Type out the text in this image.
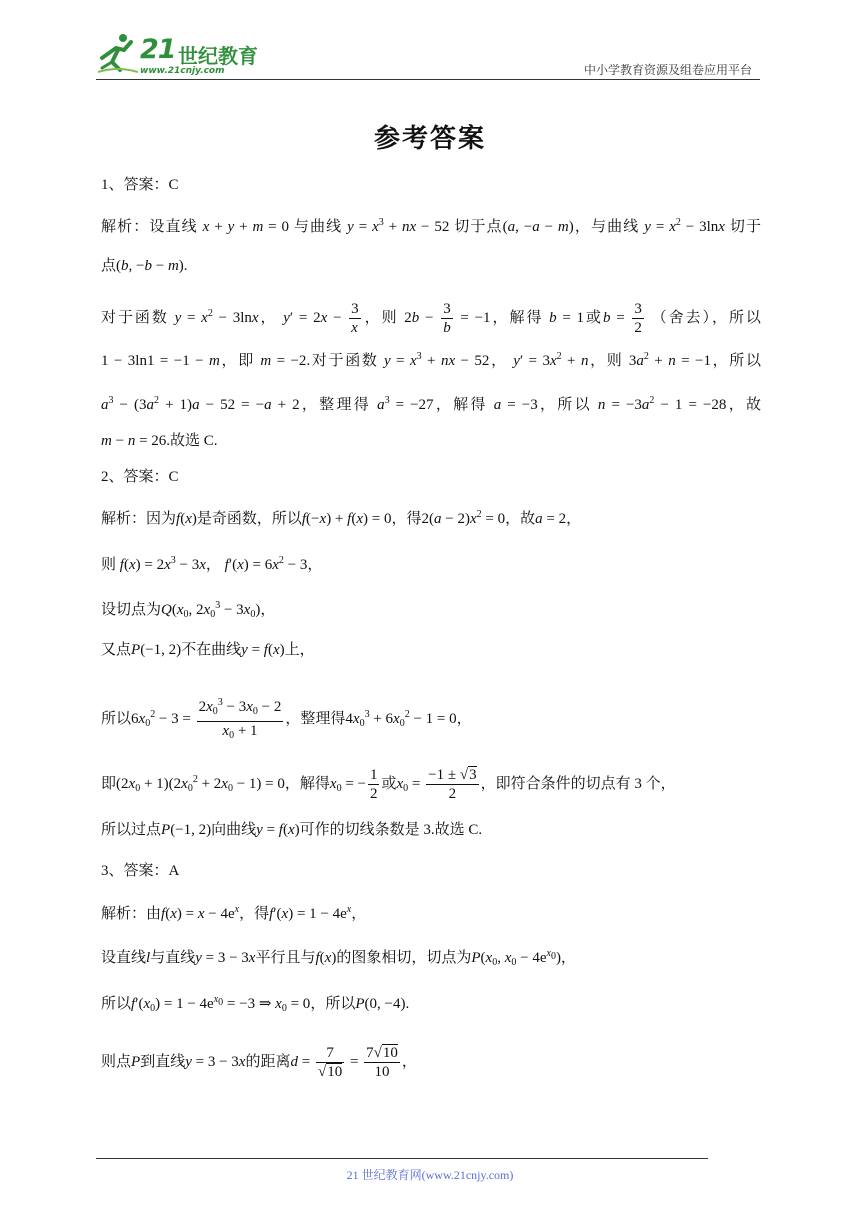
21 世纪教育
www.21cnjy.com	中小学教育资源及组卷应用平台
参考答案
1、答案：C
解析：设直线 x + y + m = 0 与曲线 $y = x^3$ + nx − 52 切于点(a, −a − m)，与曲线 $y = x^2 - 3\ln x$ 切于
点(b, −b − m).
对于函数 $y = x^2 - 3\ln x$， $y' = 2x - \frac{3}{x}$ ，则 $2b - \frac{3}{b} = -1$，解得 b = 1或$b = \frac{3}{2}$ （舍去），所以
1 − 3ln1 = −1 − m，即 m = −2.对于函数 $y = x^3$ + nx − 52， $y' = 3x^2 + n$，则 $3a^2 + n = -1$，所以
$a^3 - (3a^2 + 1)a - 52 = -a + 2$，整理得 $a^3 = -27$，解得 a = −3，所以 $n = -3a^2 - 1 = -28$，故
m − n = 26.故选 C.
2、答案：C
解析：因为f(x)是奇函数，所以f(−x) + f(x) = 0，得$2(a - 2)x^2 = 0$，故a = 2，
则 $f(x) = 2x^3 - 3x$， $f'(x) = 6x^2 - 3$，
设切点为$Q(x_0$, $2x_0^3 - 3x_0$)，
又点P(−1, 2)不在曲线y = f(x)上，
所以$6x_0^2 - 3 = \frac{2x_0^3 - 3x_0 - 2}{x_0 + 1}$ ，整理得$4x_0^3 + 6x_0^2 - 1 = 0$，
即$(2x_0 + 1)(2x_0^2 + 2x_0 - 1) = 0$，解得$x_0$ = − $\frac{1}{2}$ 或$x_0 = \frac{-1 \pm √3}{2}$ ，即符合条件的切点有 3 个，
所以过点P(−1, 2)向曲线y = f(x)可作的切线条数是 3.故选 C.
3、答案：A
解析：由$f(x) = x - 4e^x$，得$f'(x) = 1 - 4e^x$，
设直线l与直线y = 3 − 3x平行且与f(x)的图象相切，切点为$P(x_0$, $x_0 - 4e^{x_0}$)，
所以$f'(x_0) = 1 - 4e^{x_0} = -3$ ⇒ $x_0 = 0$，所以P(0, −4).
则点P到直线y = 3 − 3x的距离$d = \frac{7}{√10} = \frac{7√10}{10}$ ，
21 世纪教育网(www.21cnjy.com)
